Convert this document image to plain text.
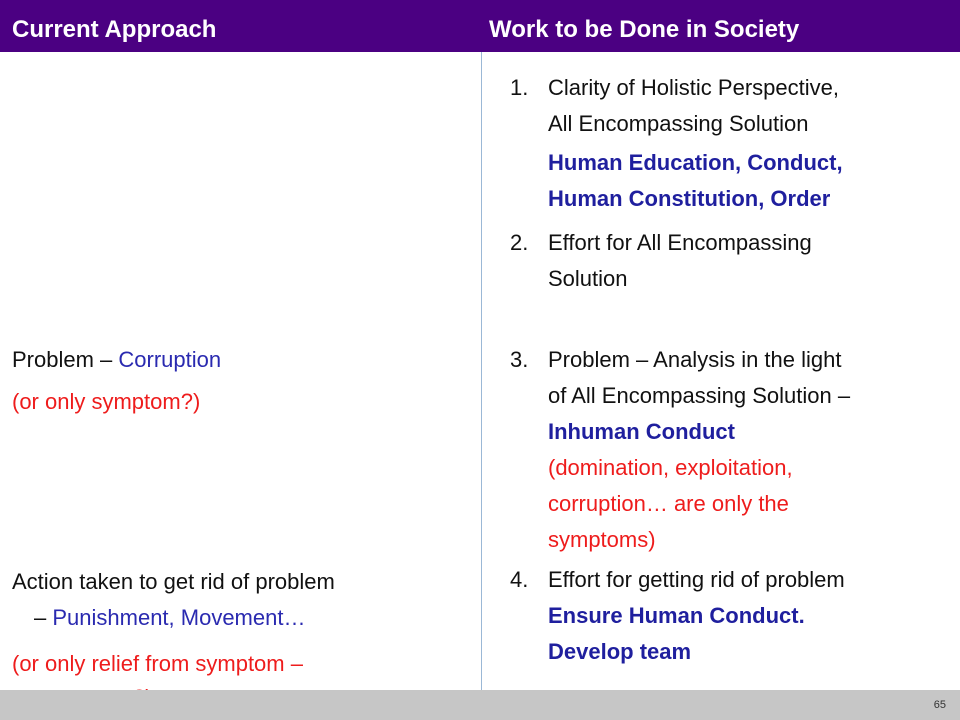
Current Approach	Work to be Done in Society
Problem – Corruption
(or only symptom?)
Action taken to get rid of problem
– Punishment, Movement…
(or only relief from symptom –
1. Clarity of Holistic Perspective,
All Encompassing Solution
Human Education, Conduct,
Human Constitution, Order
2. Effort for All Encompassing
Solution
3. Problem – Analysis in the light
of All Encompassing Solution –
Inhuman Conduct
(domination, exploitation,
corruption… are only the
symptoms)
4. Effort for getting rid of problem
Ensure Human Conduct.
Develop team
65
